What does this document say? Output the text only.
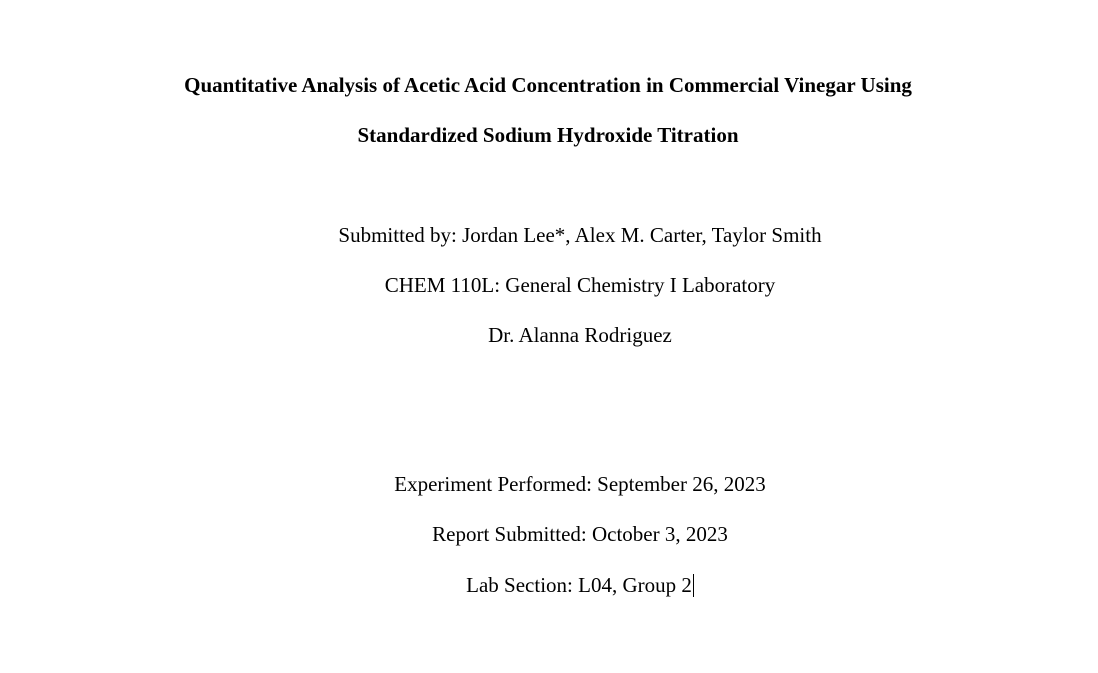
Quantitative Analysis of Acetic Acid Concentration in Commercial Vinegar Using
Standardized Sodium Hydroxide Titration
Submitted by: Jordan Lee*, Alex M. Carter, Taylor Smith
CHEM 110L: General Chemistry I Laboratory
Dr. Alanna Rodriguez
Experiment Performed: September 26, 2023
Report Submitted: October 3, 2023
Lab Section: L04, Group 2
